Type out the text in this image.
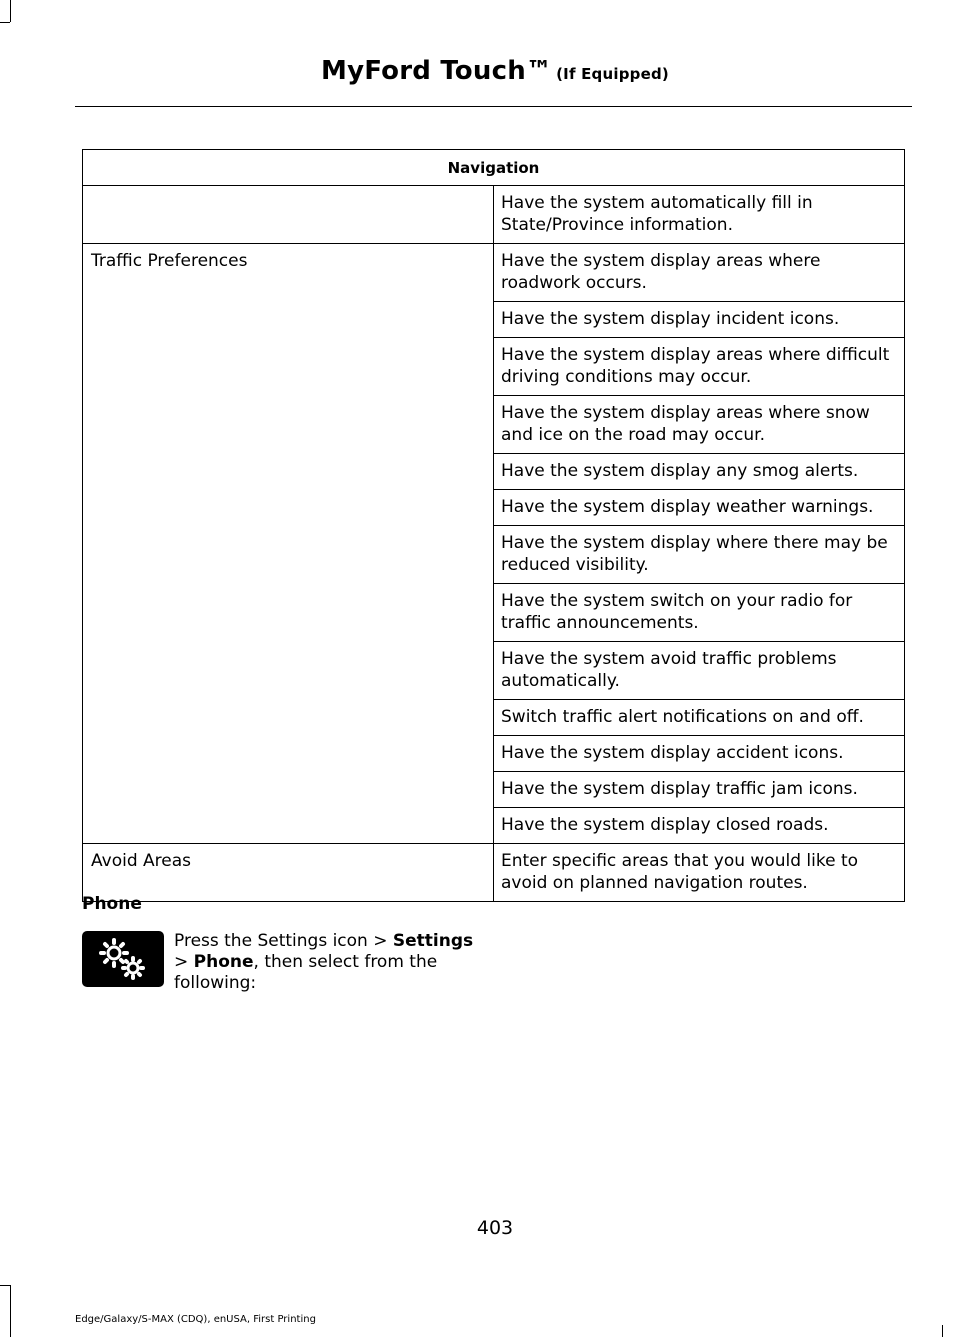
MyFord Touch™ (If Equipped)
Navigation	
	Have the system automatically fill in State/Province information.
Traffic Preferences	Have the system display areas where roadwork occurs.
	Have the system display incident icons.
	Have the system display areas where difficult driving conditions may occur.
	Have the system display areas where snow and ice on the road may occur.
	Have the system display any smog alerts.
	Have the system display weather warnings.
	Have the system display where there may be reduced visibility.
	Have the system switch on your radio for traffic announcements.
	Have the system avoid traffic problems automatically.
	Switch traffic alert notifications on and off.
	Have the system display accident icons.
	Have the system display traffic jam icons.
	Have the system display closed roads.
Avoid Areas	Enter specific areas that you would like to avoid on planned navigation routes.
Phone
Press the Settings icon > Settings > Phone, then select from the following:
403
Edge/Galaxy/S-MAX (CDQ), enUSA, First Printing
